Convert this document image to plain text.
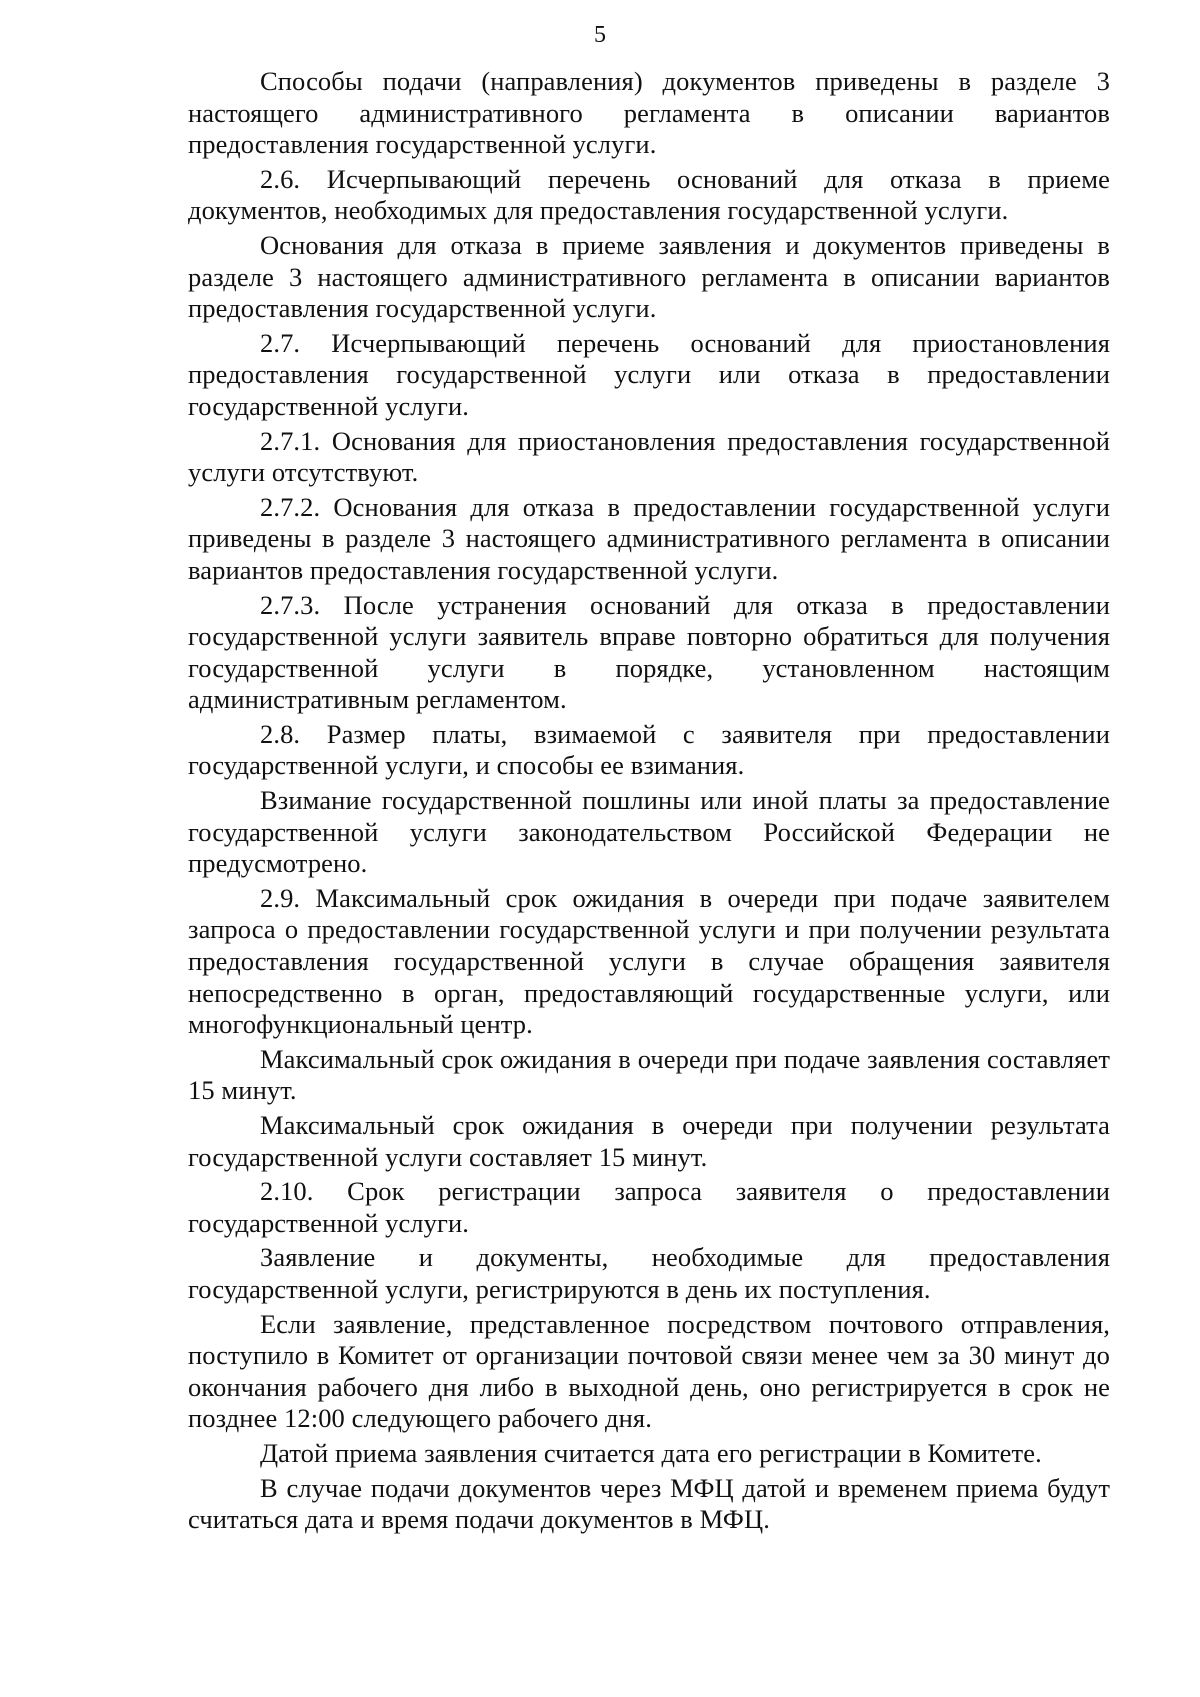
5

Способы подачи (направления) документов приведены в разделе 3 настоящего административного регламента в описании вариантов предоставления государственной услуги.

2.6. Исчерпывающий перечень оснований для отказа в приеме документов, необходимых для предоставления государственной услуги.

Основания для отказа в приеме заявления и документов приведены в разделе 3 настоящего административного регламента в описании вариантов предоставления государственной услуги.

2.7. Исчерпывающий перечень оснований для приостановления предоставления государственной услуги или отказа в предоставлении государственной услуги.

2.7.1. Основания для приостановления предоставления государственной услуги отсутствуют.

2.7.2. Основания для отказа в предоставлении государственной услуги приведены в разделе 3 настоящего административного регламента в описании вариантов предоставления государственной услуги.

2.7.3. После устранения оснований для отказа в предоставлении государственной услуги заявитель вправе повторно обратиться для получения государственной услуги в порядке, установленном настоящим административным регламентом.

2.8. Размер платы, взимаемой с заявителя при предоставлении государственной услуги, и способы ее взимания.

Взимание государственной пошлины или иной платы за предоставление государственной услуги законодательством Российской Федерации не предусмотрено.

2.9. Максимальный срок ожидания в очереди при подаче заявителем запроса о предоставлении государственной услуги и при получении результата предоставления государственной услуги в случае обращения заявителя непосредственно в орган, предоставляющий государственные услуги, или многофункциональный центр.

Максимальный срок ожидания в очереди при подаче заявления составляет 15 минут.

Максимальный срок ожидания в очереди при получении результата государственной услуги составляет 15 минут.

2.10. Срок регистрации запроса заявителя о предоставлении государственной услуги.

Заявление и документы, необходимые для предоставления государственной услуги, регистрируются в день их поступления.

Если заявление, представленное посредством почтового отправления, поступило в Комитет от организации почтовой связи менее чем за 30 минут до окончания рабочего дня либо в выходной день, оно регистрируется в срок не позднее 12:00 следующего рабочего дня.

Датой приема заявления считается дата его регистрации в Комитете.

В случае подачи документов через МФЦ датой и временем приема будут считаться дата и время подачи документов в МФЦ.
